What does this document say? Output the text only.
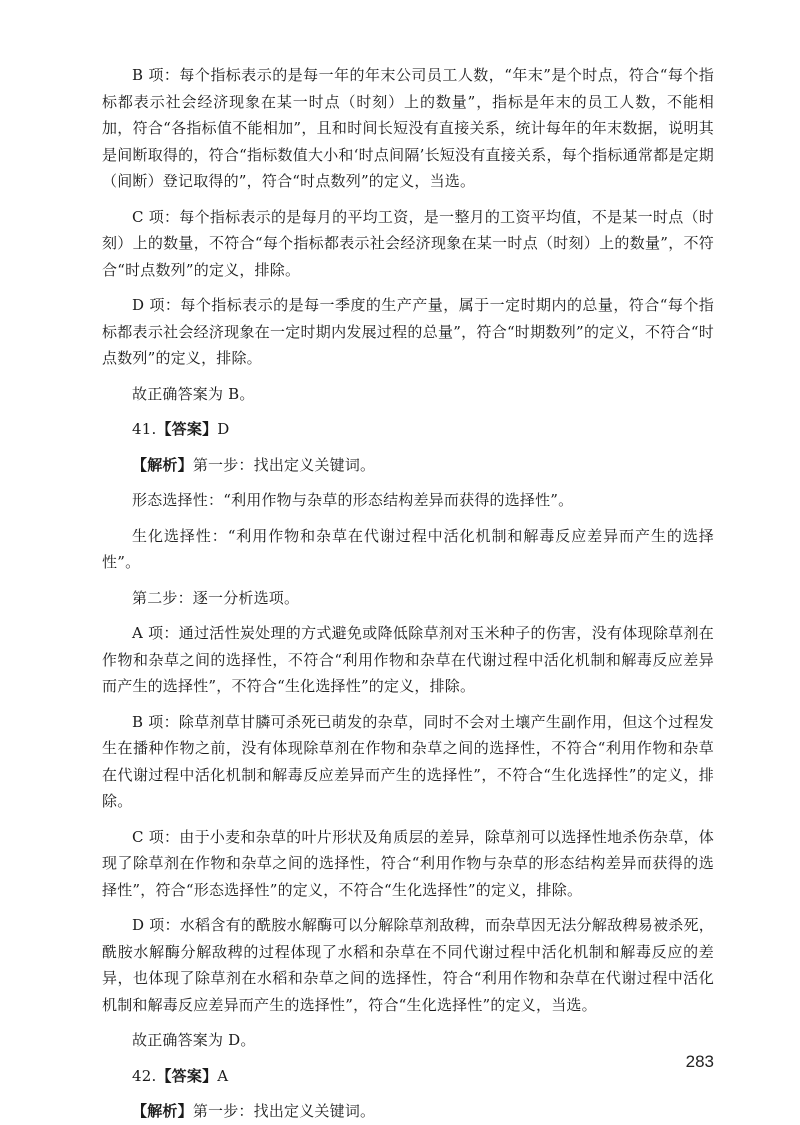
B 项：每个指标表示的是每一年的年末公司员工人数，“年末”是个时点，符合“每个指标都表示社会经济现象在某一时点（时刻）上的数量”，指标是年末的员工人数，不能相加，符合“各指标值不能相加”，且和时间长短没有直接关系，统计每年的年末数据，说明其是间断取得的，符合“指标数值大小和‘时点间隔’长短没有直接关系，每个指标通常都是定期（间断）登记取得的”，符合“时点数列”的定义，当选。

C 项：每个指标表示的是每月的平均工资，是一整月的工资平均值，不是某一时点（时刻）上的数量，不符合“每个指标都表示社会经济现象在某一时点（时刻）上的数量”，不符合“时点数列”的定义，排除。

D 项：每个指标表示的是每一季度的生产产量，属于一定时期内的总量，符合“每个指标都表示社会经济现象在一定时期内发展过程的总量”，符合“时期数列”的定义，不符合“时点数列”的定义，排除。

故正确答案为 B。

41.【答案】D

【解析】第一步：找出定义关键词。

形态选择性：“利用作物与杂草的形态结构差异而获得的选择性”。

生化选择性：“利用作物和杂草在代谢过程中活化机制和解毒反应差异而产生的选择性”。

第二步：逐一分析选项。

A 项：通过活性炭处理的方式避免或降低除草剂对玉米种子的伤害，没有体现除草剂在作物和杂草之间的选择性，不符合“利用作物和杂草在代谢过程中活化机制和解毒反应差异而产生的选择性”，不符合“生化选择性”的定义，排除。

B 项：除草剂草甘膦可杀死已萌发的杂草，同时不会对土壤产生副作用，但这个过程发生在播种作物之前，没有体现除草剂在作物和杂草之间的选择性，不符合“利用作物和杂草在代谢过程中活化机制和解毒反应差异而产生的选择性”，不符合“生化选择性”的定义，排除。

C 项：由于小麦和杂草的叶片形状及角质层的差异，除草剂可以选择性地杀伤杂草，体现了除草剂在作物和杂草之间的选择性，符合“利用作物与杂草的形态结构差异而获得的选择性”，符合“形态选择性”的定义，不符合“生化选择性”的定义，排除。

D 项：水稻含有的酰胺水解酶可以分解除草剂敌稗，而杂草因无法分解敌稗易被杀死，酰胺水解酶分解敌稗的过程体现了水稻和杂草在不同代谢过程中活化机制和解毒反应的差异，也体现了除草剂在水稻和杂草之间的选择性，符合“利用作物和杂草在代谢过程中活化机制和解毒反应差异而产生的选择性”，符合“生化选择性”的定义，当选。

故正确答案为 D。

42.【答案】A

【解析】第一步：找出定义关键词。

283
